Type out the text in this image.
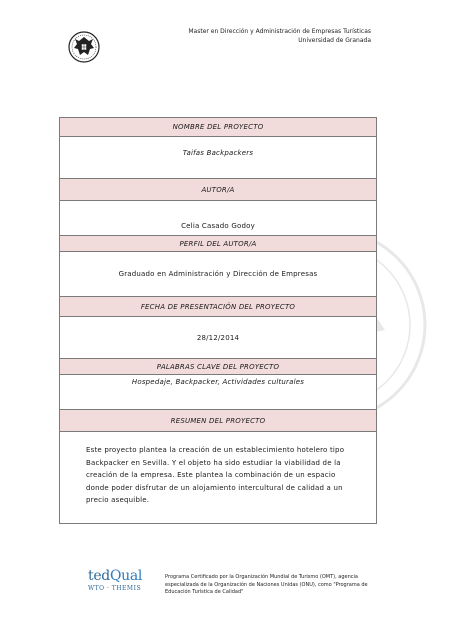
Master en Dirección y Administración de Empresas Turísticas
Universidad de Granada
NOMBRE DEL PROYECTO
Taifas Backpackers
AUTOR/A
Celia Casado Godoy
PERFIL DEL AUTOR/A
Graduado en Administración y Dirección de Empresas
FECHA DE PRESENTACIÓN DEL PROYECTO
28/12/2014
PALABRAS CLAVE DEL PROYECTO
Hospedaje, Backpacker, Actividades culturales
RESUMEN DEL PROYECTO

Este proyecto plantea la creación de un establecimiento hotelero tipo Backpacker en Sevilla. Y el objeto ha sido estudiar la viabilidad de la creación de la empresa. Este plantea la combinación de un espacio donde poder disfrutar de un alojamiento intercultural de calidad a un precio asequible.

tedQual
WTO · THEMIS
Programa Certificado por la Organización Mundial de Turismo (OMT), agencia especializada de la Organización de Naciones Unidas (ONU), como "Programa de Educación Turística de Calidad"
